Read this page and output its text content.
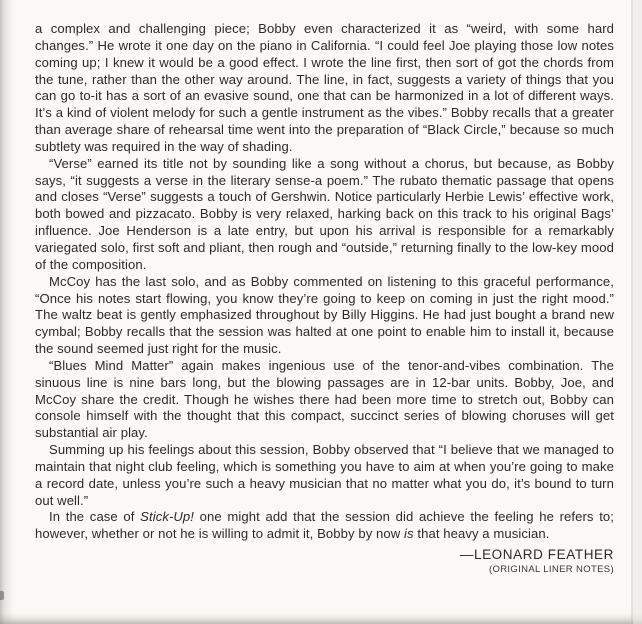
a complex and challenging piece; Bobby even characterized it as “weird, with some hard changes.” He wrote it one day on the piano in California. “I could feel Joe playing those low notes coming up; I knew it would be a good effect. I wrote the line first, then sort of got the chords from the tune, rather than the other way around. The line, in fact, suggests a variety of things that you can go to-it has a sort of an evasive sound, one that can be harmonized in a lot of different ways. It’s a kind of violent melody for such a gentle instrument as the vibes.” Bobby recalls that a greater than average share of rehearsal time went into the preparation of “Black Circle,” because so much subtlety was required in the way of shading.

“Verse” earned its title not by sounding like a song without a chorus, but because, as Bobby says, “it suggests a verse in the literary sense-a poem.” The rubato thematic passage that opens and closes “Verse” suggests a touch of Gershwin. Notice particularly Herbie Lewis’ effective work, both bowed and pizzacato. Bobby is very relaxed, harking back on this track to his original Bags’ influence. Joe Henderson is a late entry, but upon his arrival is responsible for a remarkably variegated solo, first soft and pliant, then rough and “outside,” returning finally to the low-key mood of the composition.

McCoy has the last solo, and as Bobby commented on listening to this graceful performance, “Once his notes start flowing, you know they’re going to keep on coming in just the right mood.” The waltz beat is gently emphasized throughout by Billy Higgins. He had just bought a brand new cymbal; Bobby recalls that the session was halted at one point to enable him to install it, because the sound seemed just right for the music.

“Blues Mind Matter” again makes ingenious use of the tenor-and-vibes combination. The sinuous line is nine bars long, but the blowing passages are in 12-bar units. Bobby, Joe, and McCoy share the credit. Though he wishes there had been more time to stretch out, Bobby can console himself with the thought that this compact, succinct series of blowing choruses will get substantial air play.

Summing up his feelings about this session, Bobby observed that “I believe that we managed to maintain that night club feeling, which is something you have to aim at when you’re going to make a record date, unless you’re such a heavy musician that no matter what you do, it’s bound to turn out well.”

In the case of Stick-Up! one might add that the session did achieve the feeling he refers to; however, whether or not he is willing to admit it, Bobby by now is that heavy a musician.

—LEONARD FEATHER
(ORIGINAL LINER NOTES)
